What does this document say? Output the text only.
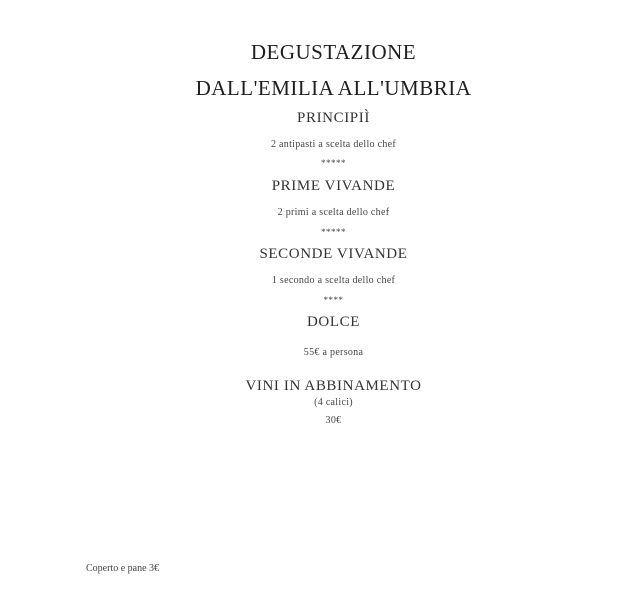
DEGUSTAZIONE
DALL'EMILIA ALL'UMBRIA
PRINCIPIÌ
2 antipasti a scelta dello chef
*****
PRIME VIVANDE
2 primi a scelta dello chef
*****
SECONDE VIVANDE
1 secondo a scelta dello chef
****
DOLCE
55€ a persona
VINI IN ABBINAMENTO
(4 calici)
30€
Coperto e pane 3€
